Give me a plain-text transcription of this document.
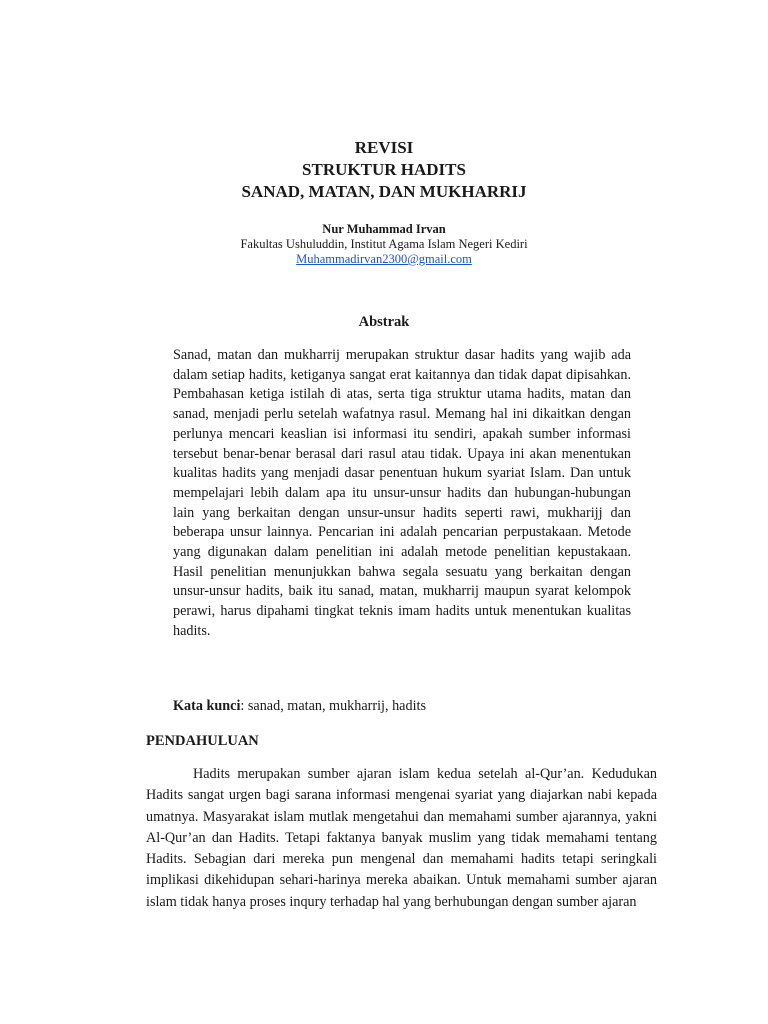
REVISI
STRUKTUR HADITS
SANAD, MATAN, DAN MUKHARRIJ
Nur Muhammad Irvan
Fakultas Ushuluddin, Institut Agama Islam Negeri Kediri
Muhammadirvan2300@gmail.com
Abstrak
Sanad, matan dan mukharrij merupakan struktur dasar hadits yang wajib ada dalam setiap hadits, ketiganya sangat erat kaitannya dan tidak dapat dipisahkan. Pembahasan ketiga istilah di atas, serta tiga struktur utama hadits, matan dan sanad, menjadi perlu setelah wafatnya rasul. Memang hal ini dikaitkan dengan perlunya mencari keaslian isi informasi itu sendiri, apakah sumber informasi tersebut benar-benar berasal dari rasul atau tidak. Upaya ini akan menentukan kualitas hadits yang menjadi dasar penentuan hukum syariat Islam. Dan untuk mempelajari lebih dalam apa itu unsur-unsur hadits dan hubungan-hubungan lain yang berkaitan dengan unsur-unsur hadits seperti rawi, mukharijj dan beberapa unsur lainnya. Pencarian ini adalah pencarian perpustakaan. Metode yang digunakan dalam penelitian ini adalah metode penelitian kepustakaan. Hasil penelitian menunjukkan bahwa segala sesuatu yang berkaitan dengan unsur-unsur hadits, baik itu sanad, matan, mukharrij maupun syarat kelompok perawi, harus dipahami tingkat teknis imam hadits untuk menentukan kualitas hadits.
Kata kunci: sanad, matan, mukharrij, hadits
PENDAHULUAN
Hadits merupakan sumber ajaran islam kedua setelah al-Qur’an. Kedudukan Hadits sangat urgen bagi sarana informasi mengenai syariat yang diajarkan nabi kepada umatnya. Masyarakat islam mutlak mengetahui dan memahami sumber ajarannya, yakni Al-Qur’an dan Hadits. Tetapi faktanya banyak muslim yang tidak memahami tentang Hadits. Sebagian dari mereka pun mengenal dan memahami hadits tetapi seringkali implikasi dikehidupan sehari-harinya mereka abaikan. Untuk memahami sumber ajaran islam tidak hanya proses inqury terhadap hal yang berhubungan dengan sumber ajaran
